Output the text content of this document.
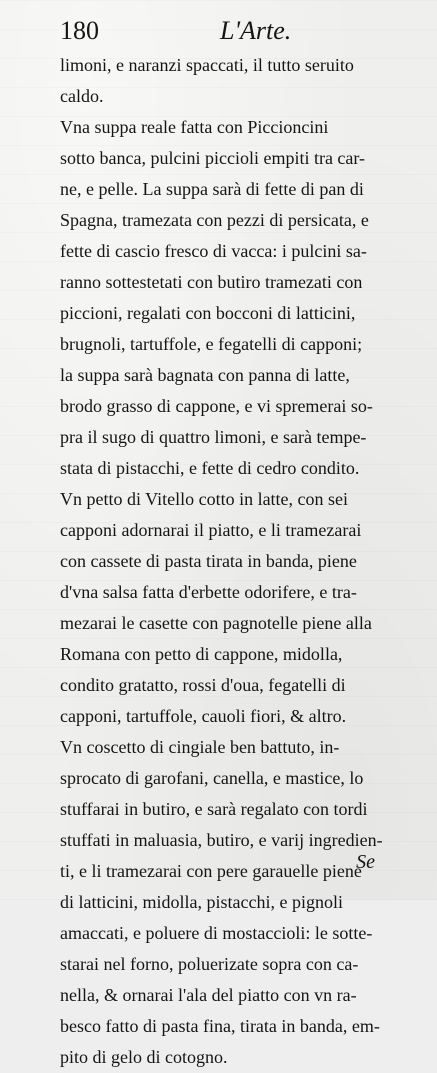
180	L'Arte.
limoni, e naranzi spaccati, il tutto seruito
caldo.
Vna suppa reale fatta con Piccioncini
sotto banca, pulcini piccioli empiti tra car-
ne, e pelle. La suppa sarà di fette di pan di
Spagna, tramezata con pezzi di persicata, e
fette di cascio fresco di vacca: i pulcini sa-
ranno sottestetati con butiro tramezati con
piccioni, regalati con bocconi di latticini,
brugnoli, tartuffole, e fegatelli di capponi;
la suppa sarà bagnata con panna di latte,
brodo grasso di cappone, e vi spremerai so-
pra il sugo di quattro limoni, e sarà tempe-
stata di pistacchi, e fette di cedro condito.
Vn petto di Vitello cotto in latte, con sei
capponi adornarai il piatto, e li tramezarai
con cassete di pasta tirata in banda, piene
d'vna salsa fatta d'erbette odorifere, e tra-
mezarai le casette con pagnotelle piene alla
Romana con petto di cappone, midolla,
condito gratatto, rossi d'oua, fegatelli di
capponi, tartuffole, cauoli fiori, & altro.
Vn coscetto di cingiale ben battuto, in-
sprocato di garofani, canella, e mastice, lo
stuffarai in butiro, e sarà regalato con tordi
stuffati in maluasia, butiro, e varij ingredien-
ti, e li tramezarai con pere garauelle piene
di latticini, midolla, pistacchi, e pignoli
amaccati, e poluere di mostaccioli: le sotte-
starai nel forno, poluerizate sopra con ca-
nella, & ornarai l'ala del piatto con vn ra-
besco fatto di pasta fina, tirata in banda, em-
pito di gelo di cotogno.
Se
